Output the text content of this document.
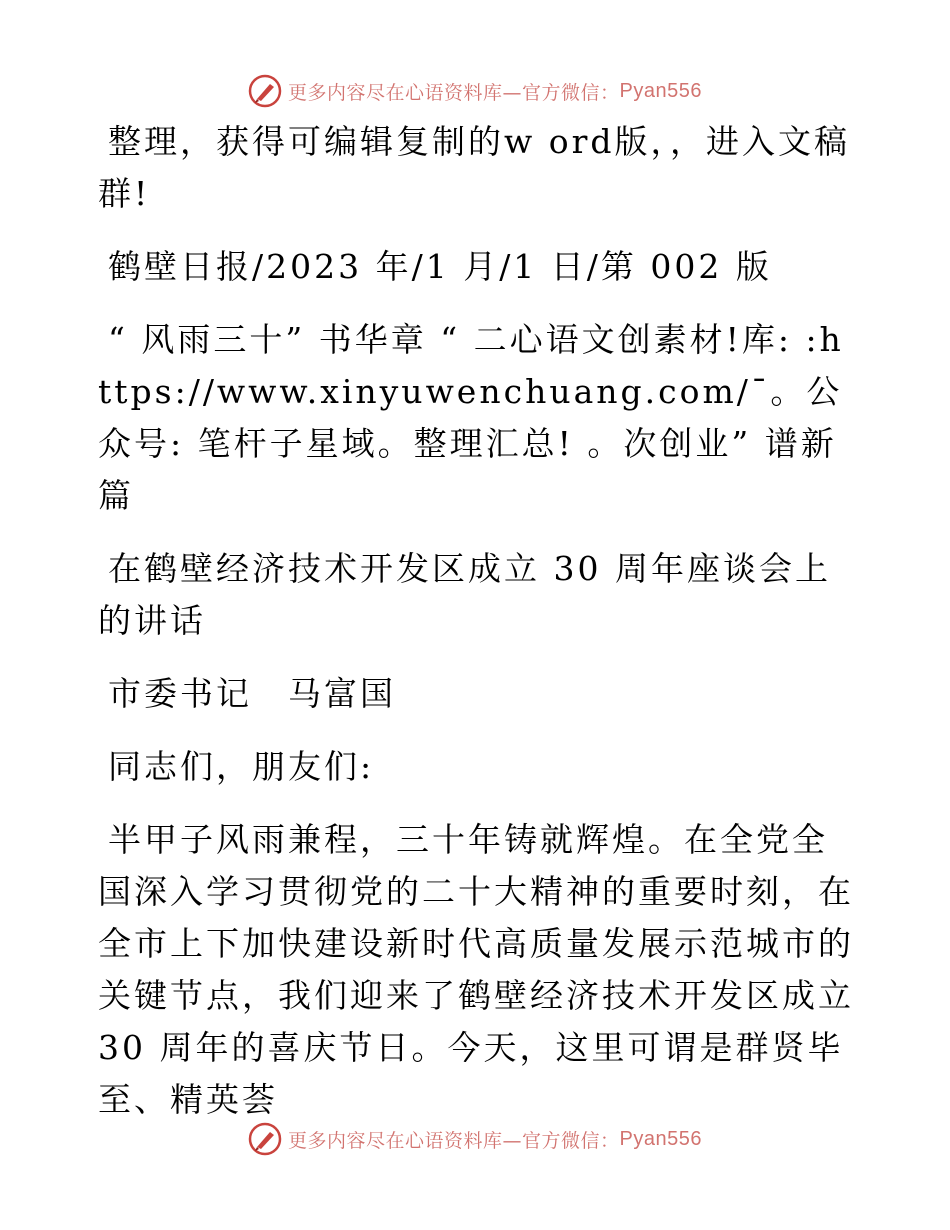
更多内容尽在心语资料库—官方微信： Pyan556

整理，获得可编辑复制的w ord版，，进入文稿群!

鹤壁日报/2023 年/1 月/1 日/第 002 版

“ 风雨三十” 书华章 “ 二心语文创素材!库: :https://www.xinyuwenchuang.com/¯。公众号: 笔杆子星域。整理汇总! 。次创业” 谱新篇

在鹤壁经济技术开发区成立 30 周年座谈会上的讲话

市委书记　马富国

同志们，朋友们:

半甲子风雨兼程，三十年铸就辉煌。在全党全国深入学习贯彻党的二十大精神的重要时刻，在全市上下加快建设新时代高质量发展示范城市的关键节点，我们迎来了鹤壁经济技术开发区成立 30 周年的喜庆节日。今天，这里可谓是群贤毕至、精英荟

更多内容尽在心语资料库—官方微信： Pyan556
